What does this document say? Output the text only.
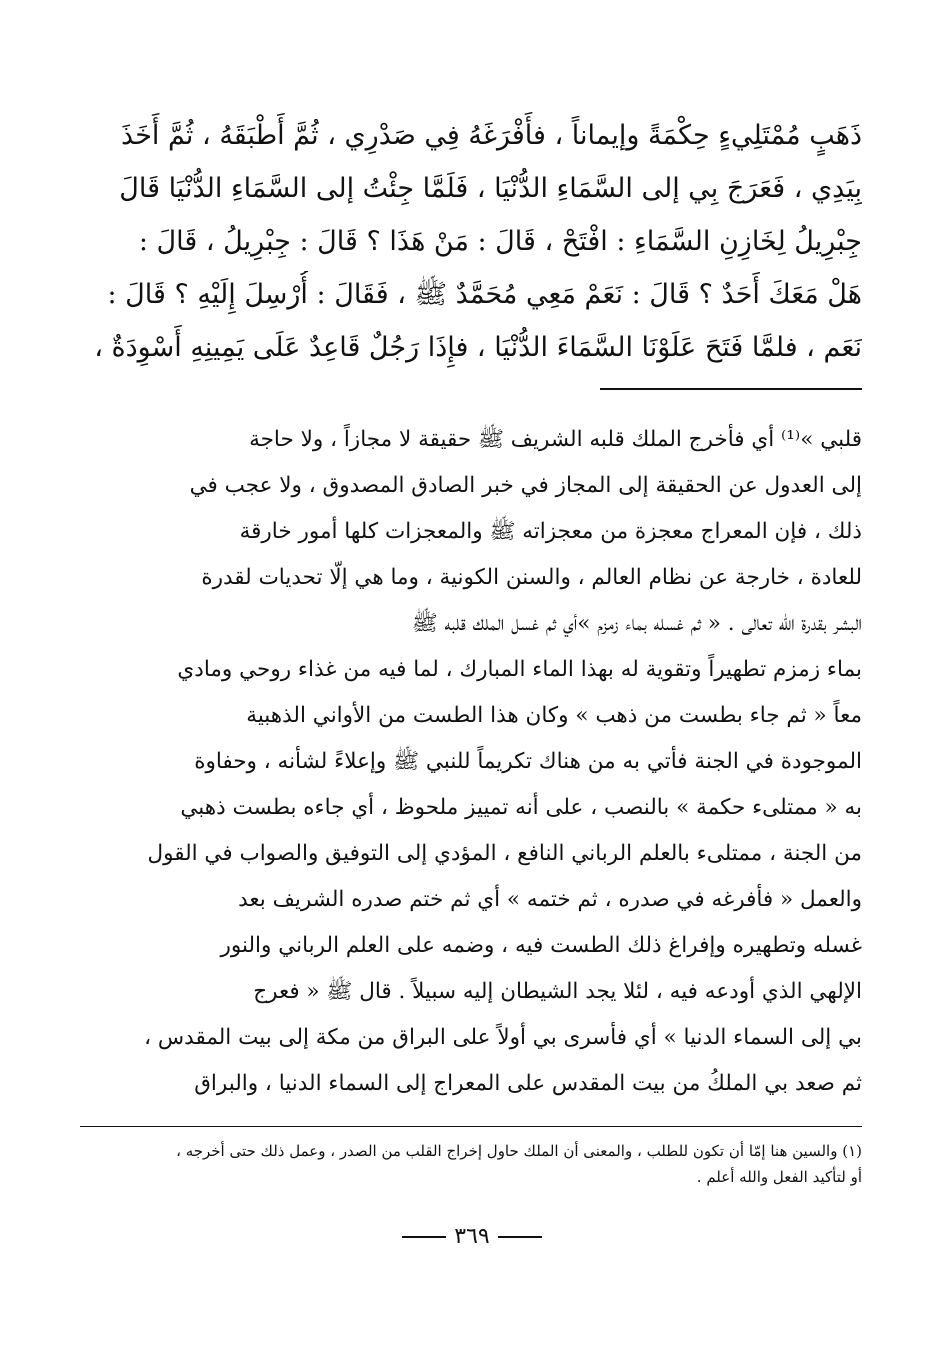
ذَهَبٍ مُمْتَلِيءٍ حِكْمَةً وإيماناً ، فأَفْرَغَهُ فِي صَدْرِي ، ثُمَّ أَطْبَقَهُ ، ثُمَّ أَخَذَ
بِيَدِي ، فَعَرَجَ بِي إلى السَّمَاءِ الدُّنْيَا ، فَلَمَّا جِئْتُ إلى السَّمَاءِ الدُّنْيَا قَالَ
جِبْرِيلُ لِخَازِنِ السَّمَاءِ : افْتَحْ ، قَالَ : مَنْ هَذَا ؟ قَالَ : جِبْرِيلُ ، قَالَ :
هَلْ مَعَكَ أَحَدٌ ؟ قَالَ : نَعَمْ مَعِي مُحَمَّدٌ ﷺ ، فَقَالَ : أُرْسِلَ إِلَيْهِ ؟ قَالَ :
نَعَم ، فلمَّا فَتَحَ عَلَوْنَا السَّمَاءَ الدُّنْيَا ، فإِذَا رَجُلٌ قَاعِدٌ عَلَى يَمِينِهِ أَسْوِدَةٌ ،
قلبي »⁽¹⁾ أي فأخرج الملك قلبه الشريف ﷺ حقيقة لا مجازاً ، ولا حاجة
إلى العدول عن الحقيقة إلى المجاز في خبر الصادق المصدوق ، ولا عجب في
ذلك ، فإن المعراج معجزة من معجزاته ﷺ والمعجزات كلها أمور خارقة
للعادة ، خارجة عن نظام العالم ، والسنن الكونية ، وما هي إلّا تحديات لقدرة
البشر بقدرة الله تعالى . « ثم غسله بماء زمزم »أي ثم غسل الملك قلبه ﷺ
بماء زمزم تطهيراً وتقوية له بهذا الماء المبارك ، لما فيه من غذاء روحي ومادي
معاً « ثم جاء بطست من ذهب » وكان هذا الطست من الأواني الذهبية
الموجودة في الجنة فأتي به من هناك تكريماً للنبي ﷺ وإعلاءً لشأنه ، وحفاوة
به « ممتلىء حكمة » بالنصب ، على أنه تمييز ملحوظ ، أي جاءه بطست ذهبي
من الجنة ، ممتلىء بالعلم الرباني النافع ، المؤدي إلى التوفيق والصواب في القول
والعمل « فأفرغه في صدره ، ثم ختمه » أي ثم ختم صدره الشريف بعد
غسله وتطهيره وإفراغ ذلك الطست فيه ، وضمه على العلم الرباني والنور
الإلهي الذي أودعه فيه ، لئلا يجد الشيطان إليه سبيلاً . قال ﷺ « فعرج
بي إلى السماء الدنيا » أي فأسرى بي أولاً على البراق من مكة إلى بيت المقدس ،
ثم صعد بي الملكُ من بيت المقدس على المعراج إلى السماء الدنيا ، والبراق
(١) والسين هنا إمّا أن تكون للطلب ، والمعنى أن الملك حاول إخراج القلب من الصدر ، وعمل ذلك حتى أخرجه ،
أو لتأكيد الفعل والله أعلم .
٣٦٩
